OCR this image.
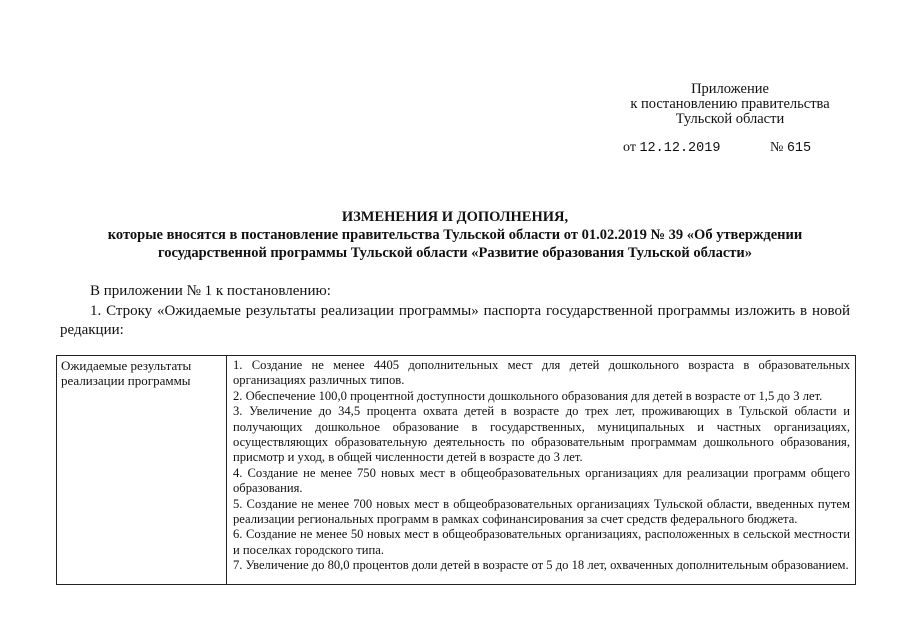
Приложение
к постановлению правительства
Тульской области
от 12.12.2019	№ 615
ИЗМЕНЕНИЯ И ДОПОЛНЕНИЯ,
которые вносятся в постановление правительства Тульской области от 01.02.2019 № 39 «Об утверждении
государственной программы Тульской области «Развитие образования Тульской области»
В приложении № 1 к постановлению:
1. Строку «Ожидаемые результаты реализации программы» паспорта государственной программы изложить в новой редакции:
Ожидаемые результаты реализации программы

1. Создание не менее 4405 дополнительных мест для детей дошкольного возраста в образовательных организациях различных типов.

2. Обеспечение 100,0 процентной доступности дошкольного образования для детей в возрасте от 1,5 до 3 лет.

3. Увеличение до 34,5 процента охвата детей в возрасте до трех лет, проживающих в Тульской области и получающих дошкольное образование в государственных, муниципальных и частных организациях, осуществляющих образовательную деятельность по образовательным программам дошкольного образования, присмотр и уход, в общей численности детей в возрасте до 3 лет.

4. Создание не менее 750 новых мест в общеобразовательных организациях для реализации программ общего образования.

5. Создание не менее 700 новых мест в общеобразовательных организациях Тульской области, введенных путем реализации региональных программ в рамках софинансирования за счет средств федерального бюджета.

6. Создание не менее 50 новых мест в общеобразовательных организациях, расположенных в сельской местности и поселках городского типа.

7. Увеличение до 80,0 процентов доли детей в возрасте от 5 до 18 лет, охваченных дополнительным образованием.
